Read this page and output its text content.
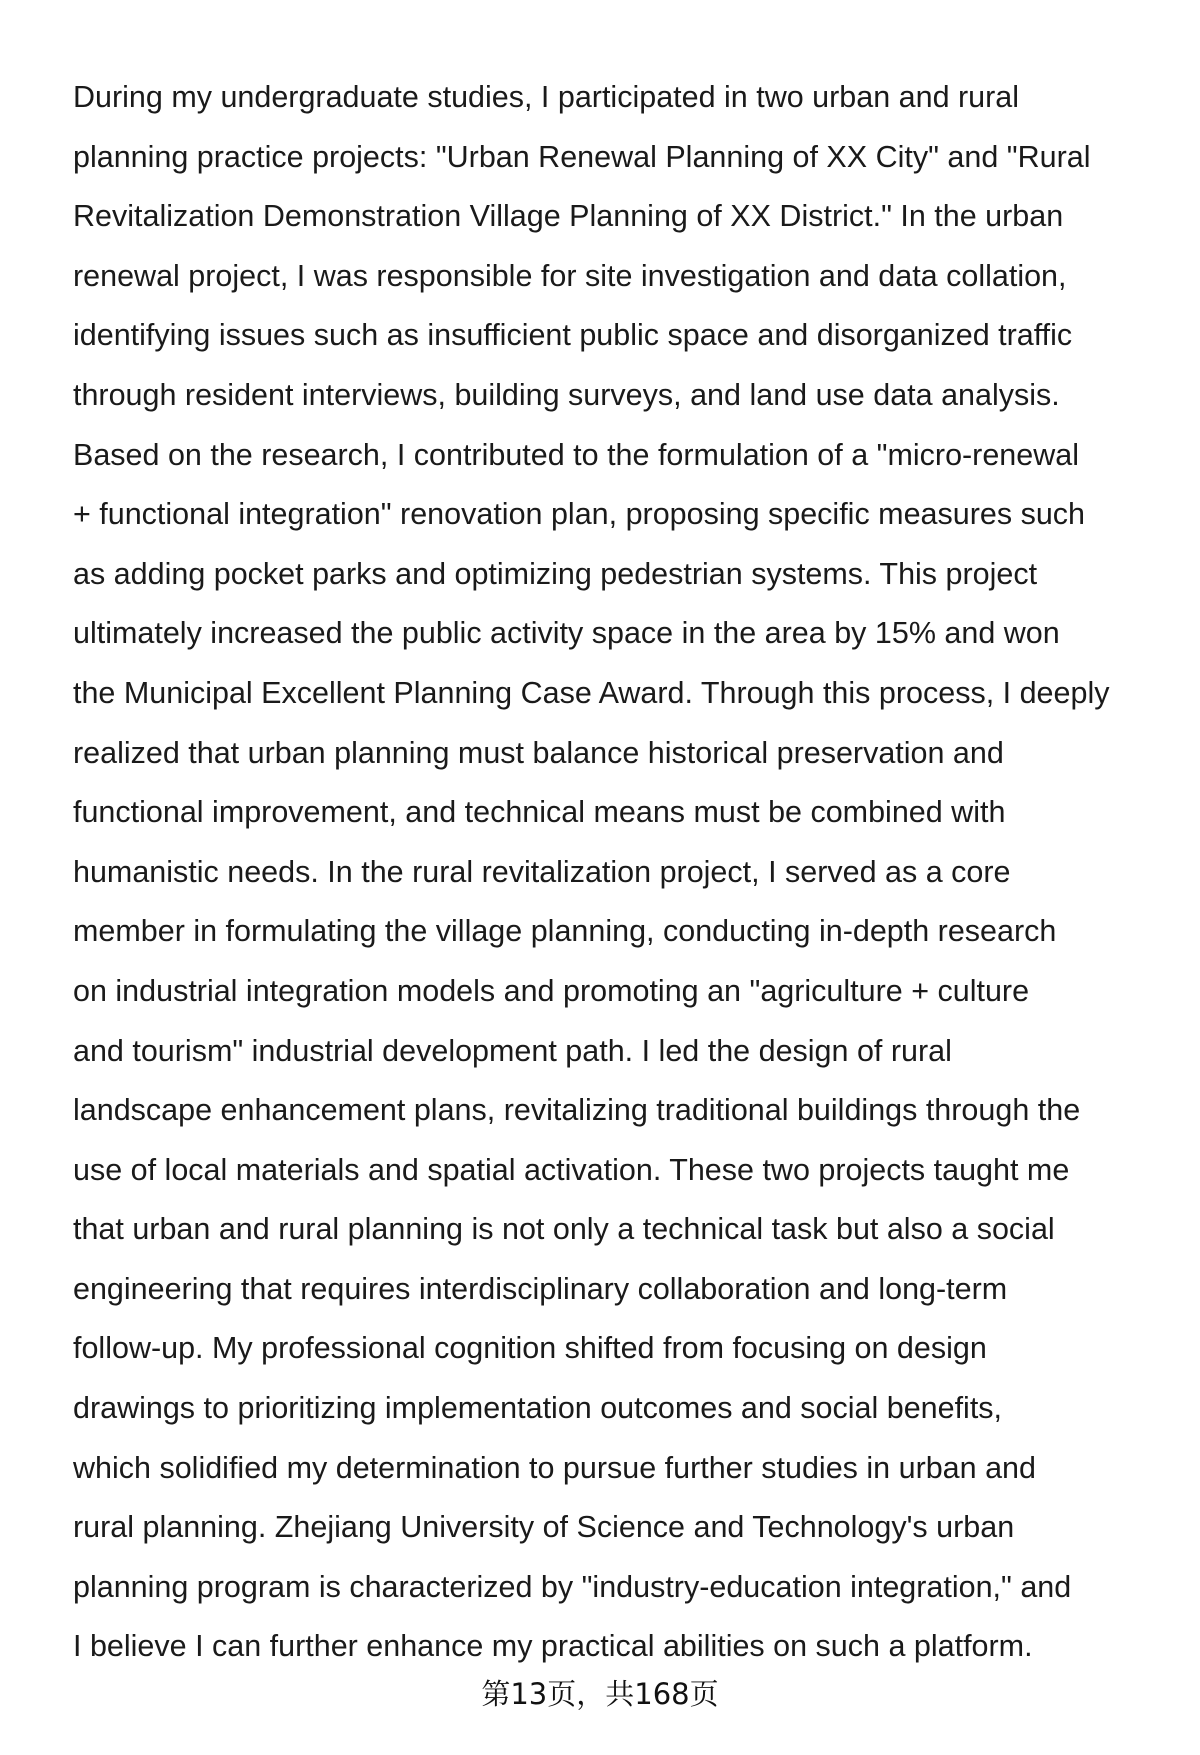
During my undergraduate studies, I participated in two urban and rural
planning practice projects: "Urban Renewal Planning of XX City" and "Rural
Revitalization Demonstration Village Planning of XX District." In the urban
renewal project, I was responsible for site investigation and data collation,
identifying issues such as insufficient public space and disorganized traffic
through resident interviews, building surveys, and land use data analysis.
Based on the research, I contributed to the formulation of a "micro-renewal
+ functional integration" renovation plan, proposing specific measures such
as adding pocket parks and optimizing pedestrian systems. This project
ultimately increased the public activity space in the area by 15% and won
the Municipal Excellent Planning Case Award. Through this process, I deeply
realized that urban planning must balance historical preservation and
functional improvement, and technical means must be combined with
humanistic needs. In the rural revitalization project, I served as a core
member in formulating the village planning, conducting in-depth research
on industrial integration models and promoting an "agriculture + culture
and tourism" industrial development path. I led the design of rural
landscape enhancement plans, revitalizing traditional buildings through the
use of local materials and spatial activation. These two projects taught me
that urban and rural planning is not only a technical task but also a social
engineering that requires interdisciplinary collaboration and long-term
follow-up. My professional cognition shifted from focusing on design
drawings to prioritizing implementation outcomes and social benefits,
which solidified my determination to pursue further studies in urban and
rural planning. Zhejiang University of Science and Technology's urban
planning program is characterized by "industry-education integration," and
I believe I can further enhance my practical abilities on such a platform.
第13页，共168页
